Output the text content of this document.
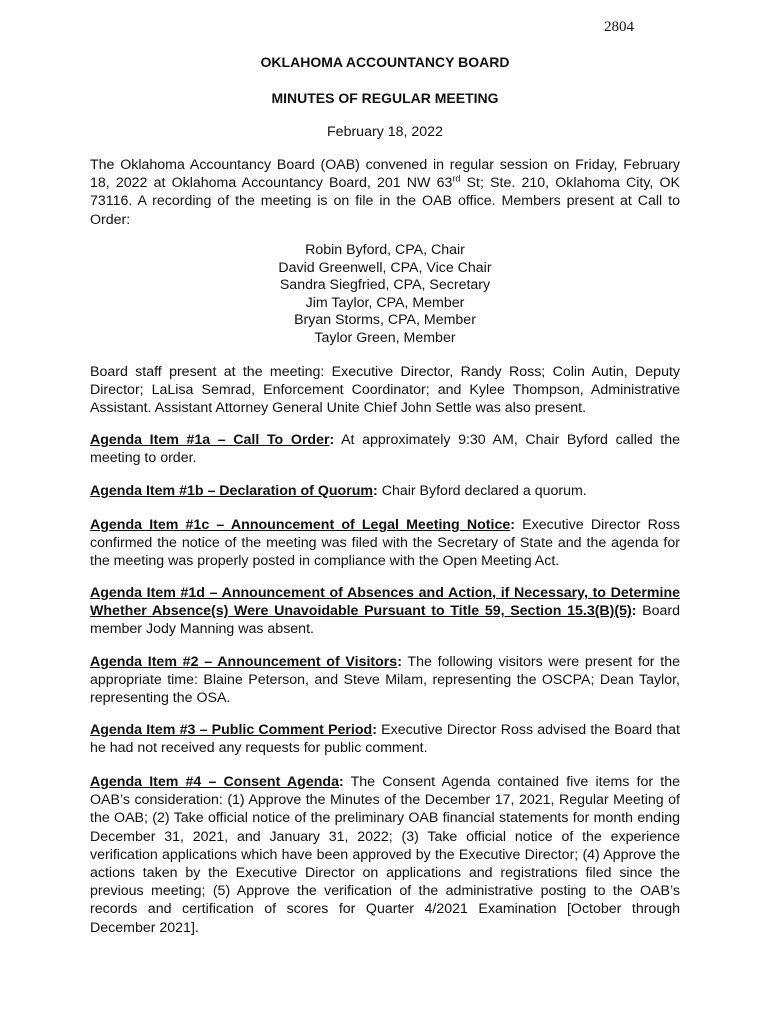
2804
OKLAHOMA ACCOUNTANCY BOARD
MINUTES OF REGULAR MEETING
February 18, 2022

The Oklahoma Accountancy Board (OAB) convened in regular session on Friday, February 18, 2022 at Oklahoma Accountancy Board, 201 NW 63rd St; Ste. 210, Oklahoma City, OK 73116. A recording of the meeting is on file in the OAB office. Members present at Call to Order:

Robin Byford, CPA, Chair
David Greenwell, CPA, Vice Chair
Sandra Siegfried, CPA, Secretary
Jim Taylor, CPA, Member
Bryan Storms, CPA, Member
Taylor Green, Member

Board staff present at the meeting: Executive Director, Randy Ross; Colin Autin, Deputy Director; LaLisa Semrad, Enforcement Coordinator; and Kylee Thompson, Administrative Assistant. Assistant Attorney General Unite Chief John Settle was also present.

Agenda Item #1a – Call To Order: At approximately 9:30 AM, Chair Byford called the meeting to order.

Agenda Item #1b – Declaration of Quorum: Chair Byford declared a quorum.

Agenda Item #1c – Announcement of Legal Meeting Notice: Executive Director Ross confirmed the notice of the meeting was filed with the Secretary of State and the agenda for the meeting was properly posted in compliance with the Open Meeting Act.

Agenda Item #1d – Announcement of Absences and Action, if Necessary, to Determine Whether Absence(s) Were Unavoidable Pursuant to Title 59, Section 15.3(B)(5): Board member Jody Manning was absent.

Agenda Item #2 – Announcement of Visitors: The following visitors were present for the appropriate time: Blaine Peterson, and Steve Milam, representing the OSCPA; Dean Taylor, representing the OSA.

Agenda Item #3 – Public Comment Period: Executive Director Ross advised the Board that he had not received any requests for public comment.

Agenda Item #4 – Consent Agenda: The Consent Agenda contained five items for the OAB’s consideration: (1) Approve the Minutes of the December 17, 2021, Regular Meeting of the OAB; (2) Take official notice of the preliminary OAB financial statements for month ending December 31, 2021, and January 31, 2022; (3) Take official notice of the experience verification applications which have been approved by the Executive Director; (4) Approve the actions taken by the Executive Director on applications and registrations filed since the previous meeting; (5) Approve the verification of the administrative posting to the OAB’s records and certification of scores for Quarter 4/2021 Examination [October through December 2021].
